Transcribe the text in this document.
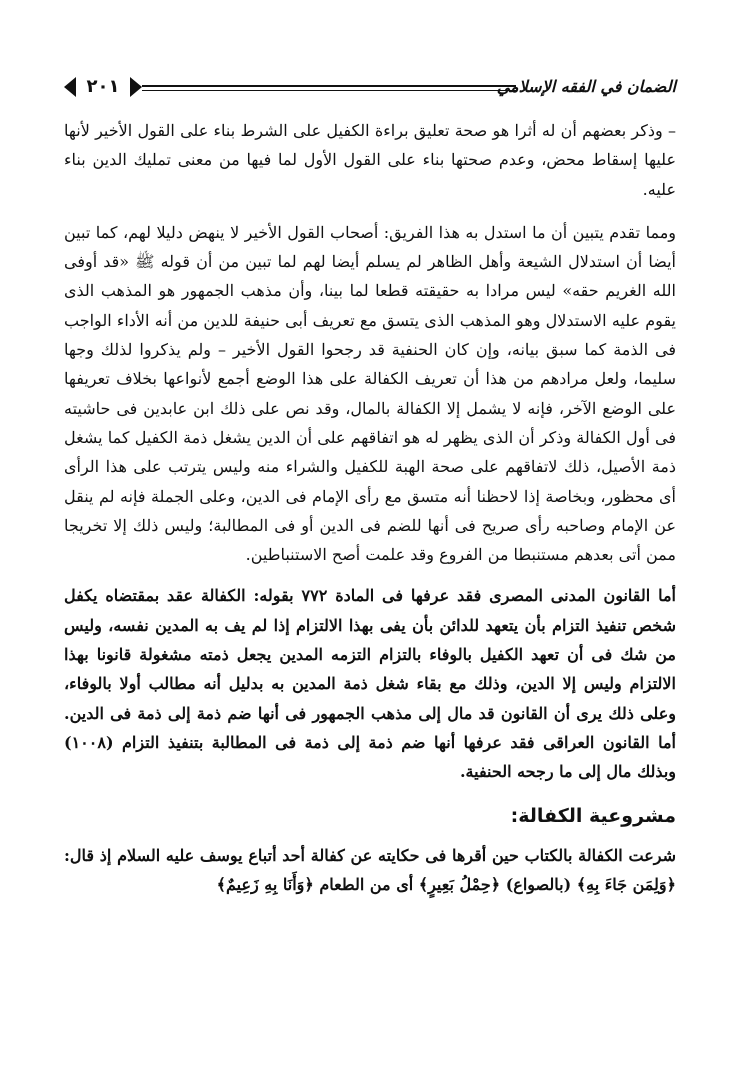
الضمان في الفقه الإسلامي
٢٠١

– وذكر بعضهم أن له أثرا هو صحة تعليق براءة الكفيل على الشرط بناء على القول الأخير لأنها عليها إسقاط محض، وعدم صحتها بناء على القول الأول لما فيها من معنى تمليك الدين بناء عليه.

ومما تقدم يتبين أن ما استدل به هذا الفريق: أصحاب القول الأخير لا ينهض دليلا لهم، كما تبين أيضا أن استدلال الشيعة وأهل الظاهر لم يسلم أيضا لهم لما تبين من أن قوله ﷺ «قد أوفى الله الغريم حقه» ليس مرادا به حقيقته قطعا لما بينا، وأن مذهب الجمهور هو المذهب الذى يقوم عليه الاستدلال وهو المذهب الذى يتسق مع تعريف أبى حنيفة للدين من أنه الأداء الواجب فى الذمة كما سبق بيانه، وإن كان الحنفية قد رجحوا القول الأخير – ولم يذكروا لذلك وجها سليما، ولعل مرادهم من هذا أن تعريف الكفالة على هذا الوضع أجمع لأنواعها بخلاف تعريفها على الوضع الآخر، فإنه لا يشمل إلا الكفالة بالمال، وقد نص على ذلك ابن عابدين فى حاشيته فى أول الكفالة وذكر أن الذى يظهر له هو اتفاقهم على أن الدين يشغل ذمة الكفيل كما يشغل ذمة الأصيل، ذلك لاتفاقهم على صحة الهبة للكفيل والشراء منه وليس يترتب على هذا الرأى أى محظور، وبخاصة إذا لاحظنا أنه متسق مع رأى الإمام فى الدين، وعلى الجملة فإنه لم ينقل عن الإمام وصاحبه رأى صريح فى أنها للضم فى الدين أو فى المطالبة؛ وليس ذلك إلا تخريجا ممن أتى بعدهم مستنبطا من الفروع وقد علمت أصح الاستنباطين.

أما القانون المدنى المصرى فقد عرفها فى المادة ٧٧٢ بقوله: الكفالة عقد بمقتضاه يكفل شخص تنفيذ التزام بأن يتعهد للدائن بأن يفى بهذا الالتزام إذا لم يف به المدين نفسه، وليس من شك فى أن تعهد الكفيل بالوفاء بالتزام التزمه المدين يجعل ذمته مشغولة قانونا بهذا الالتزام وليس إلا الدين، وذلك مع بقاء شغل ذمة المدين به بدليل أنه مطالب أولا بالوفاء، وعلى ذلك يرى أن القانون قد مال إلى مذهب الجمهور فى أنها ضم ذمة إلى ذمة فى الدين. أما القانون العراقى فقد عرفها أنها ضم ذمة إلى ذمة فى المطالبة بتنفيذ التزام (١٠٠٨) وبذلك مال إلى ما رجحه الحنفية.

مشروعية الكفالة:

شرعت الكفالة بالكتاب حين أقرها فى حكايته عن كفالة أحد أتباع يوسف عليه السلام إذ قال: ﴿وَلِمَن جَاءَ بِهِ﴾ (بالصواع) ﴿حِمْلُ بَعِيرٍ﴾ أى من الطعام ﴿وَأَنَا بِهِ زَعِيمٌ﴾
